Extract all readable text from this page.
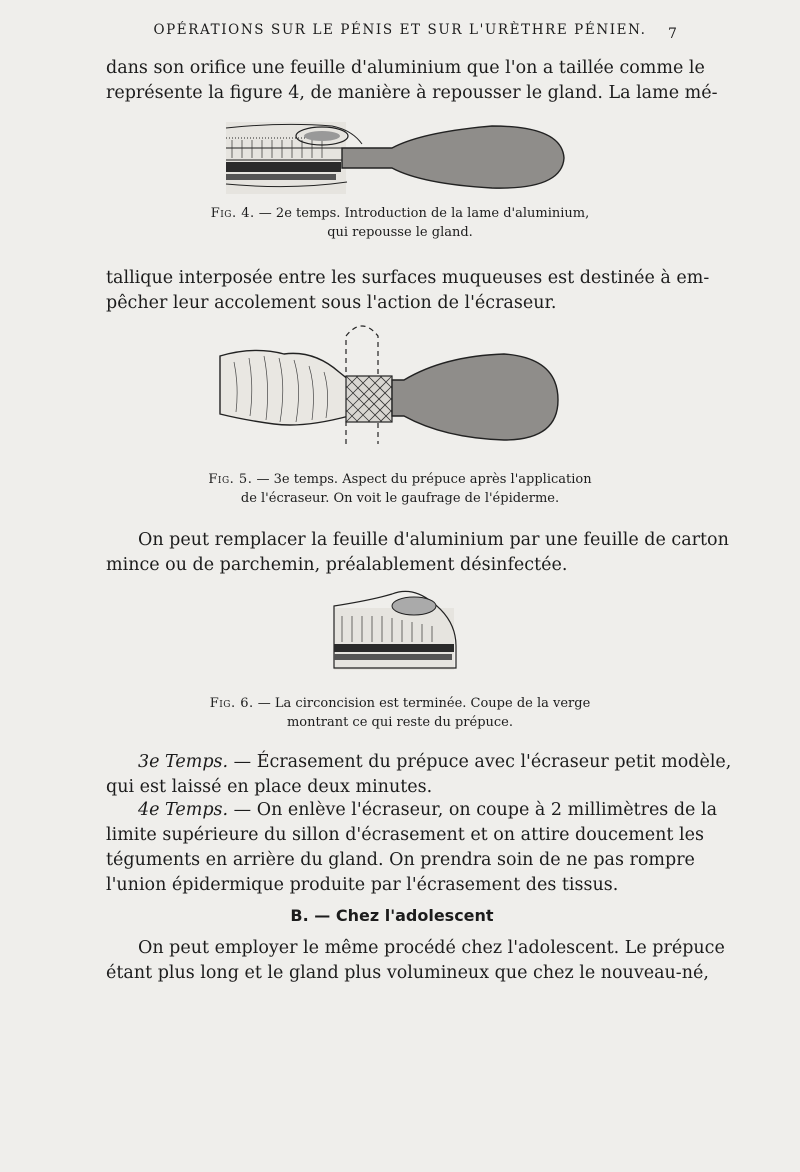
OPÉRATIONS SUR LE PÉNIS ET SUR L'URÈTHRE PÉNIEN.	7
dans son orifice une feuille d'aluminium que l'on a taillée comme le
représente la figure 4, de manière à repousser le gland. La lame mé-
Fig. 4. — 2e temps. Introduction de la lame d'aluminium,
qui repousse le gland.
tallique interposée entre les surfaces muqueuses est destinée à em-
pêcher leur accolement sous l'action de l'écraseur.
Fig. 5. — 3e temps. Aspect du prépuce après l'application
de l'écraseur. On voit le gaufrage de l'épiderme.
On peut remplacer la feuille d'aluminium par une feuille de carton
mince ou de parchemin, préalablement désinfectée.
Fig. 6. — La circoncision est terminée. Coupe de la verge
montrant ce qui reste du prépuce.
3e Temps. — Écrasement du prépuce avec l'écraseur petit modèle,
qui est laissé en place deux minutes.
4e Temps. — On enlève l'écraseur, on coupe à 2 millimètres de la
limite supérieure du sillon d'écrasement et on attire doucement les
téguments en arrière du gland. On prendra soin de ne pas rompre
l'union épidermique produite par l'écrasement des tissus.
B. — Chez l'adolescent
On peut employer le même procédé chez l'adolescent. Le prépuce
étant plus long et le gland plus volumineux que chez le nouveau-né,
